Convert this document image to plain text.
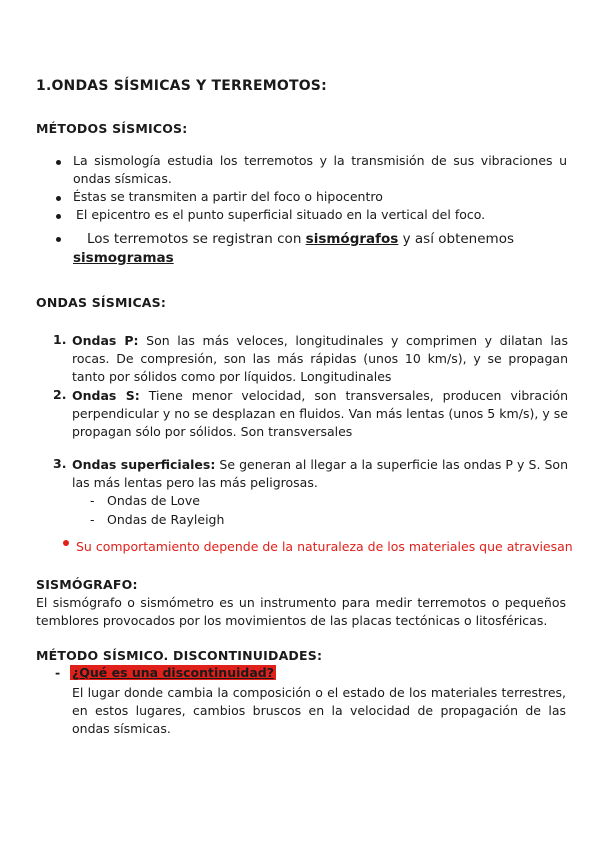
1.ONDAS SÍSMICAS Y TERREMOTOS:
MÉTODOS SÍSMICOS:
La sismología estudia los terremotos y la transmisión de sus vibraciones u ondas sísmicas.
Éstas se transmiten a partir del foco o hipocentro
El epicentro es el punto superficial situado en la vertical del foco.
Los terremotos se registran con sismógrafos y así obtenemos
sismogramas
ONDAS SÍSMICAS:
1. Ondas P: Son las más veloces, longitudinales y comprimen y dilatan las rocas. De compresión, son las más rápidas (unos 10 km/s), y se propagan tanto por sólidos como por líquidos. Longitudinales
2. Ondas S: Tiene menor velocidad, son transversales, producen vibración perpendicular y no se desplazan en fluidos. Van más lentas (unos 5 km/s), y se propagan sólo por sólidos. Son transversales
3. Ondas superficiales: Se generan al llegar a la superficie las ondas P y S. Son las más lentas pero las más peligrosas.
- Ondas de Love
- Ondas de Rayleigh
Su comportamiento depende de la naturaleza de los materiales que atraviesan
SISMÓGRAFO:
El sismógrafo o sismómetro es un instrumento para medir terremotos o pequeños temblores provocados por los movimientos de las placas tectónicas o litosféricas.
MÉTODO SÍSMICO. DISCONTINUIDADES:
- ¿Qué es una discontinuidad?
El lugar donde cambia la composición o el estado de los materiales terrestres, en estos lugares, cambios bruscos en la velocidad de propagación de las ondas sísmicas.
